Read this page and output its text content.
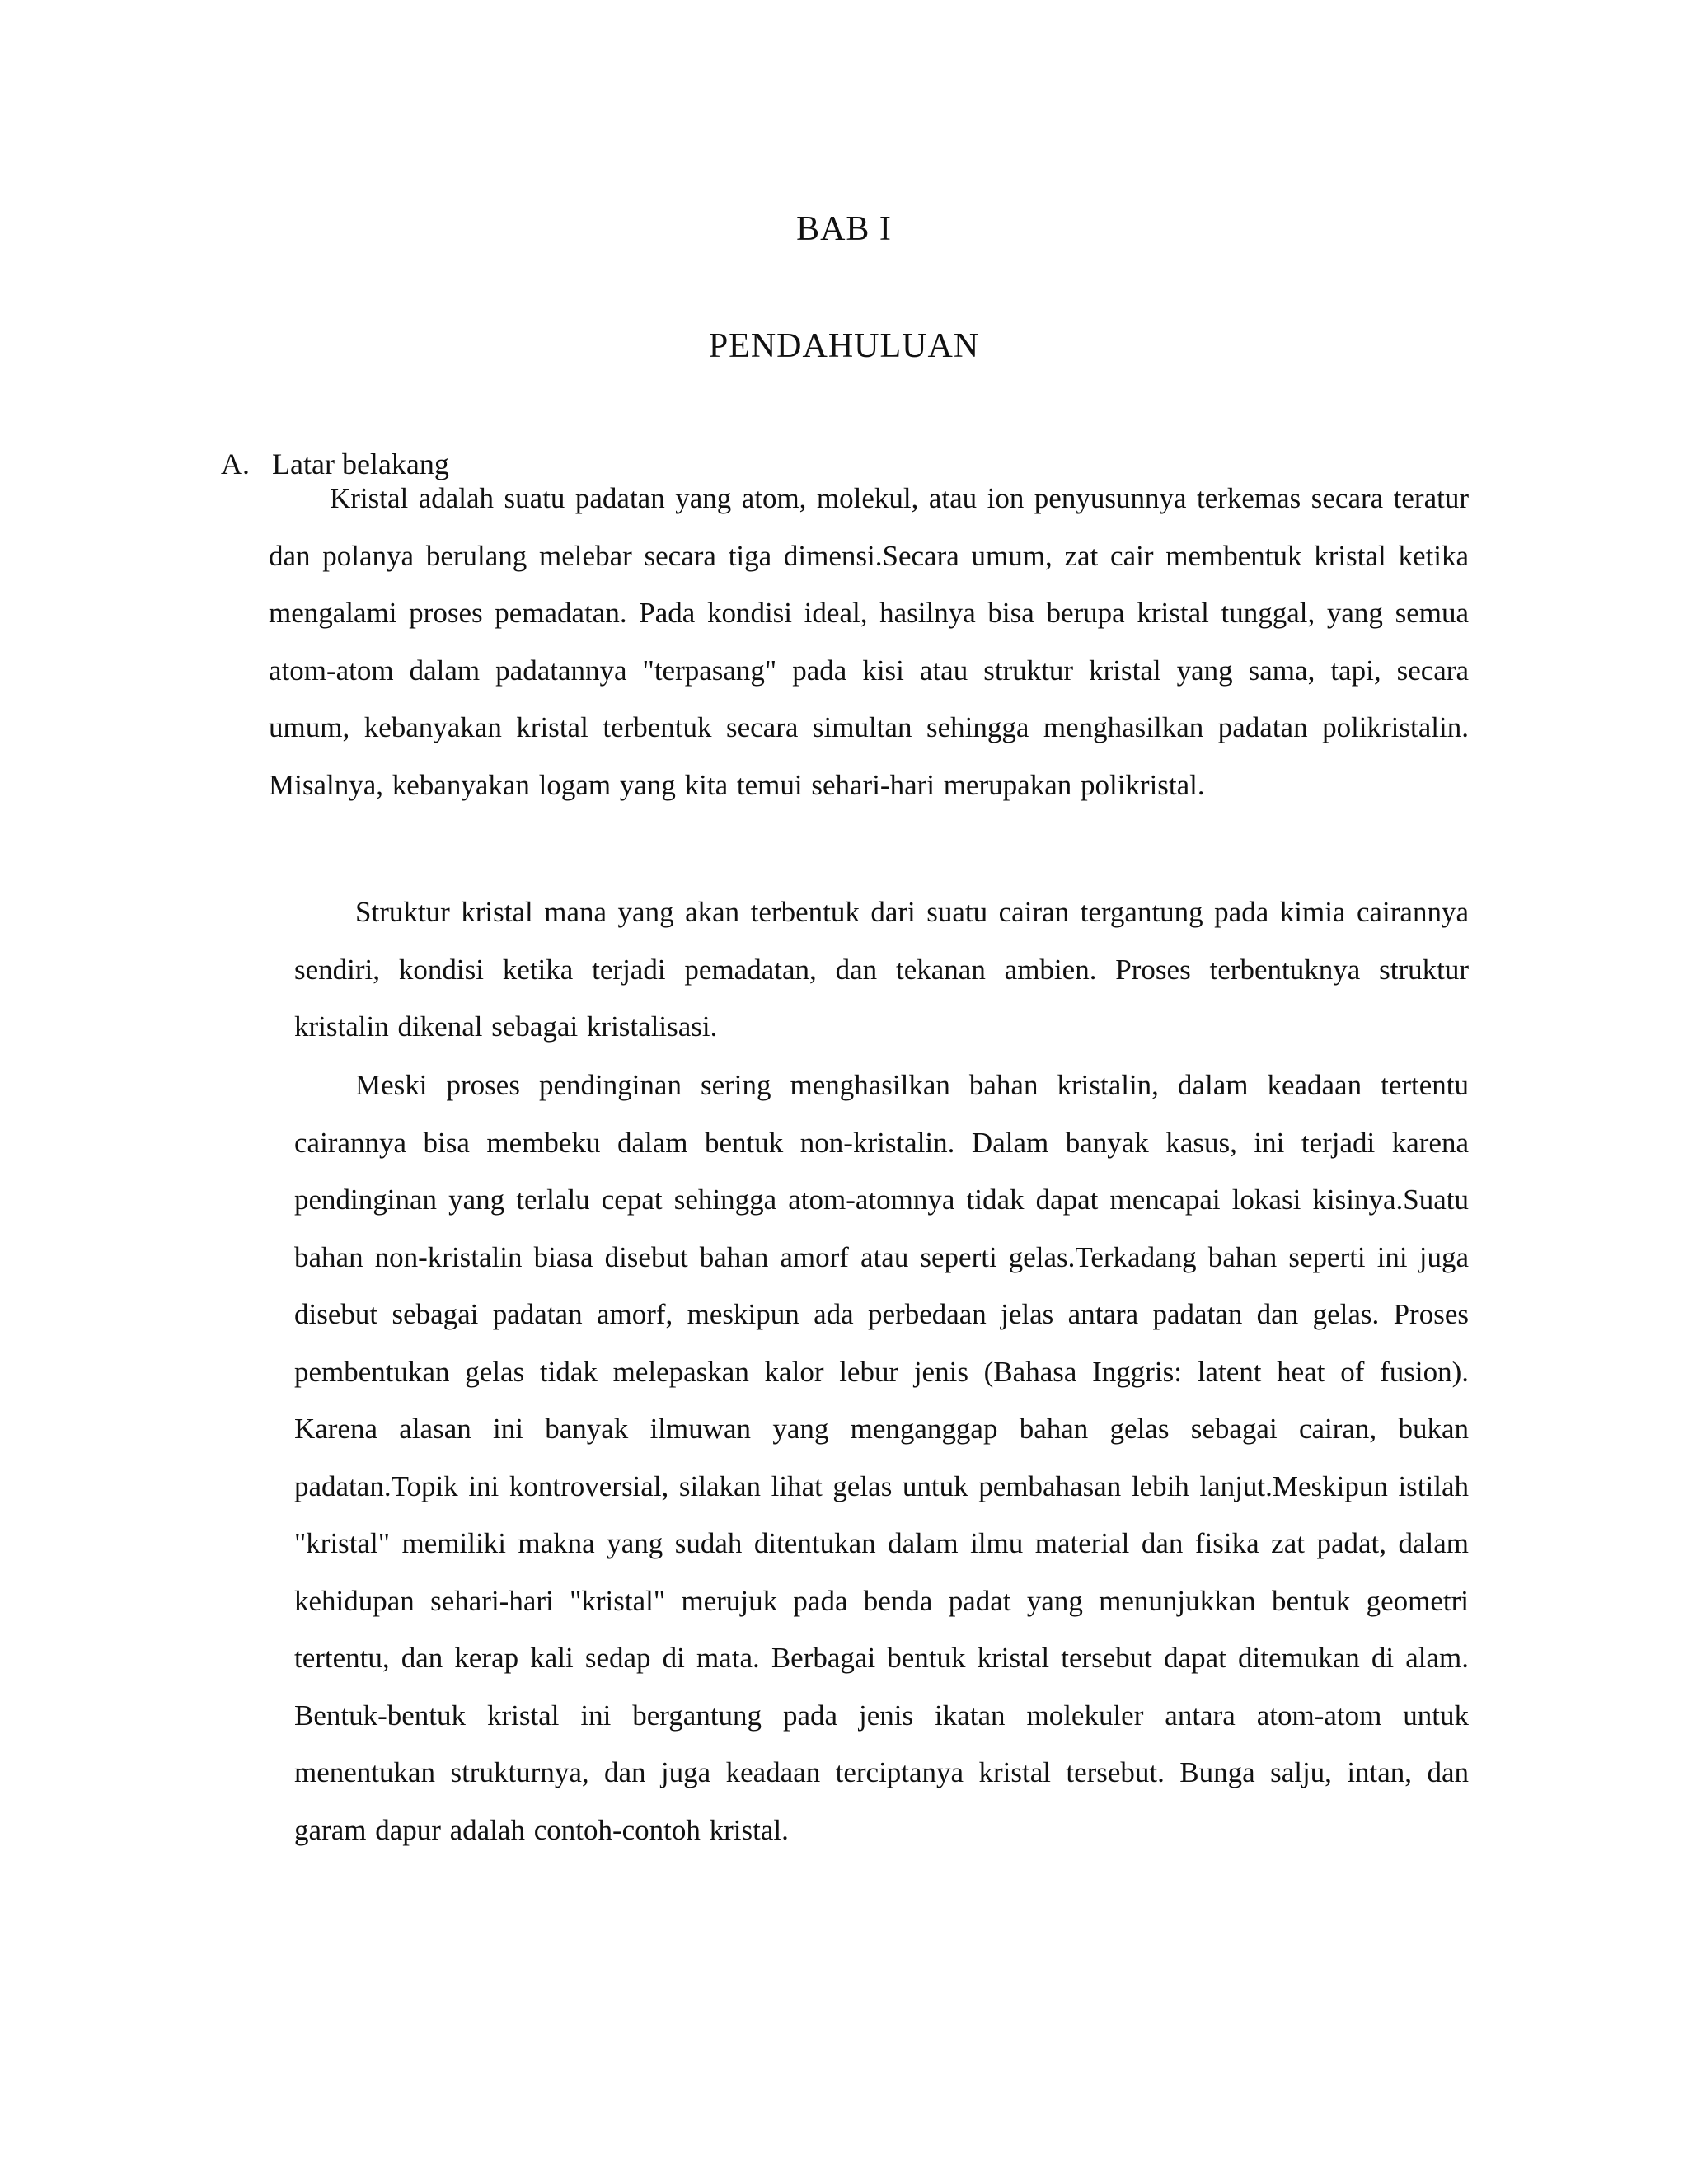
BAB I
PENDAHULUAN
A. Latar belakang

Kristal adalah suatu padatan yang atom, molekul, atau ion penyusunnya terkemas secara teratur dan polanya berulang melebar secara tiga dimensi.Secara umum, zat cair membentuk kristal ketika mengalami proses pemadatan. Pada kondisi ideal, hasilnya bisa berupa kristal tunggal, yang semua atom-atom dalam padatannya "terpasang" pada kisi atau struktur kristal yang sama, tapi, secara umum, kebanyakan kristal terbentuk secara simultan sehingga menghasilkan padatan polikristalin. Misalnya, kebanyakan logam yang kita temui sehari-hari merupakan polikristal.

Struktur kristal mana yang akan terbentuk dari suatu cairan tergantung pada kimia cairannya sendiri, kondisi ketika terjadi pemadatan, dan tekanan ambien. Proses terbentuknya struktur kristalin dikenal sebagai kristalisasi.

Meski proses pendinginan sering menghasilkan bahan kristalin, dalam keadaan tertentu cairannya bisa membeku dalam bentuk non-kristalin. Dalam banyak kasus, ini terjadi karena pendinginan yang terlalu cepat sehingga atom-atomnya tidak dapat mencapai lokasi kisinya.Suatu bahan non-kristalin biasa disebut bahan amorf atau seperti gelas.Terkadang bahan seperti ini juga disebut sebagai padatan amorf, meskipun ada perbedaan jelas antara padatan dan gelas. Proses pembentukan gelas tidak melepaskan kalor lebur jenis (Bahasa Inggris: latent heat of fusion). Karena alasan ini banyak ilmuwan yang menganggap bahan gelas sebagai cairan, bukan padatan.Topik ini kontroversial, silakan lihat gelas untuk pembahasan lebih lanjut.Meskipun istilah "kristal" memiliki makna yang sudah ditentukan dalam ilmu material dan fisika zat padat, dalam kehidupan sehari-hari "kristal" merujuk pada benda padat yang menunjukkan bentuk geometri tertentu, dan kerap kali sedap di mata. Berbagai bentuk kristal tersebut dapat ditemukan di alam. Bentuk-bentuk kristal ini bergantung pada jenis ikatan molekuler antara atom-atom untuk menentukan strukturnya, dan juga keadaan terciptanya kristal tersebut. Bunga salju, intan, dan garam dapur adalah contoh-contoh kristal.
